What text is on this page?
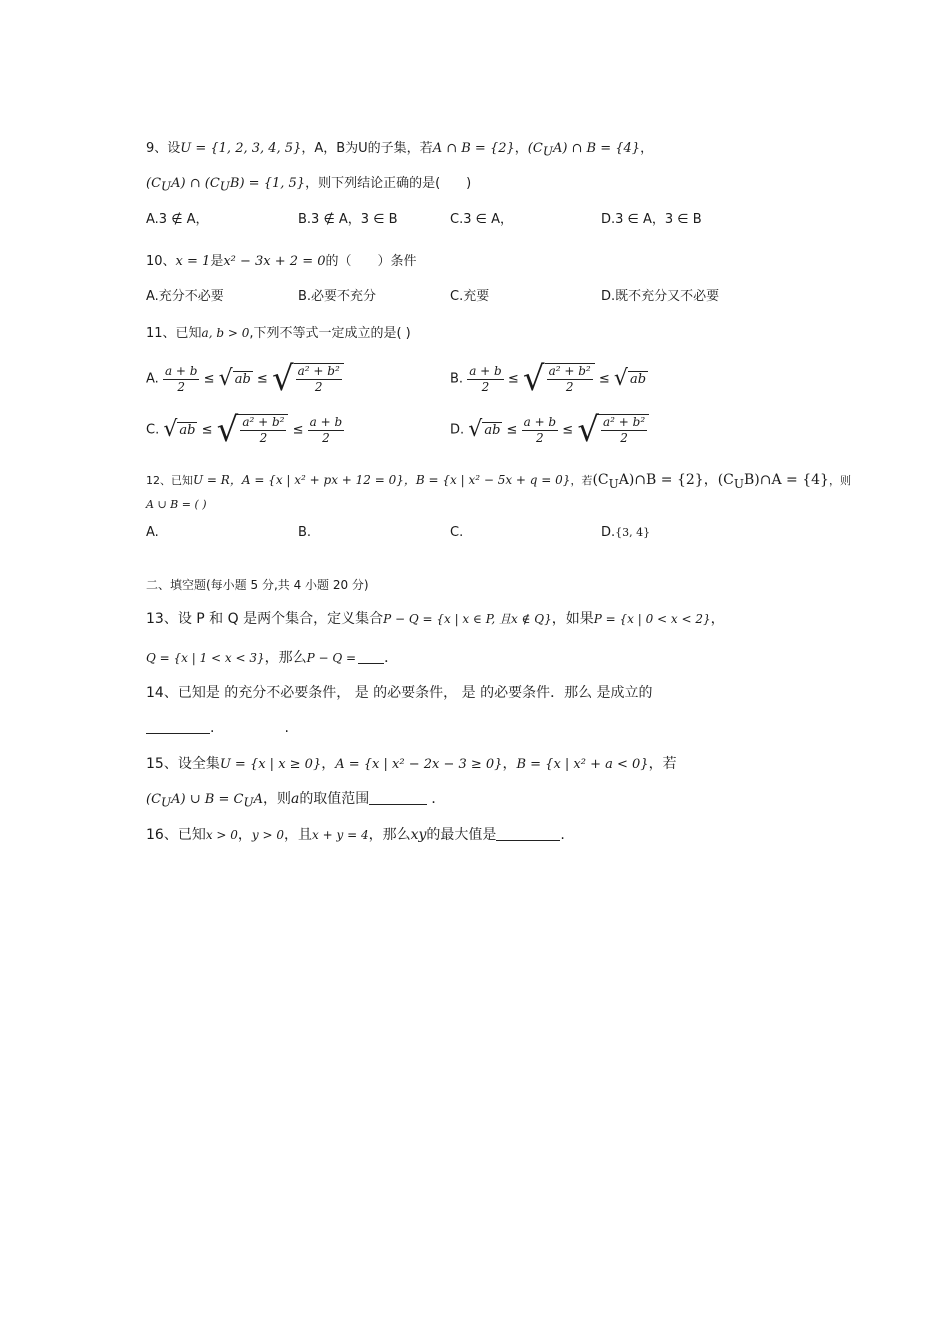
9、设U = {1, 2, 3, 4, 5}，A，B为U的子集，若A ∩ B = {2}，$(C_UA)$ ∩ B = {4}，
$(C_UA)$ ∩ $(C_UB) = \{1$, 5}，则下列结论正确的是(　　)
A.3 ∉ A，	B.3 ∉ A，3 ∈ B	C.3 ∈ A，	D.3 ∈ A，3 ∈ B
10、x = 1是x² − 3x + 2 = 0的（　　）条件
A.充分不必要	B.必要不充分	C.充要	D.既不充分又不必要
11、已知a, b > 0,下列不等式一定成立的是( )
A. $\frac{a + b}{2}$ ≤ √ ab ≤ √ $\frac{\text{a² + b²}}{2}$	B. $\frac{a + b}{2}$ ≤ √ $\frac{\text{a² + b²}}{2}$ ≤ √ ab
C. √ ab ≤ √ $\frac{\text{a² + b²}}{2} \le \frac{a + b}{2}$	D. √ ab ≤ $\frac{a + b}{2}$ ≤ √ $\frac{\text{a² + b²}}{2}$
12、已知U = R，A = {x | x² + px + 12 = 0}，B = {x | x² − 5x + q = 0}，若$(C_UA)\cap B = \{2\}$，$(C_UB)\cap A = \{4\}$，则
A ∪ B = ( )
A.	B.	C.	D.{3, 4}
二、填空题(每小题 5 分,共 4 小题 20 分)
13、设 P 和 Q 是两个集合，定义集合P − Q = {x | x ∈ P, 且x ∉ Q}，如果P = {x | 0 < x < 2}，
Q = {x | 1 < x < 3}，那么P − Q = ．
14、已知是 的充分不必要条件， 是 的必要条件， 是 的必要条件．那么 是成立的
.	.
15、设全集U = {x | x ≥ 0}，A = {x | x² − 2x − 3 ≥ 0}，B = {x | x² + a < 0}，若
$(C_UA)$ ∪ $B = C_UA$，则a的取值范围	．
16、已知x > 0，y > 0，且x + y = 4，那么xy的最大值是	.
